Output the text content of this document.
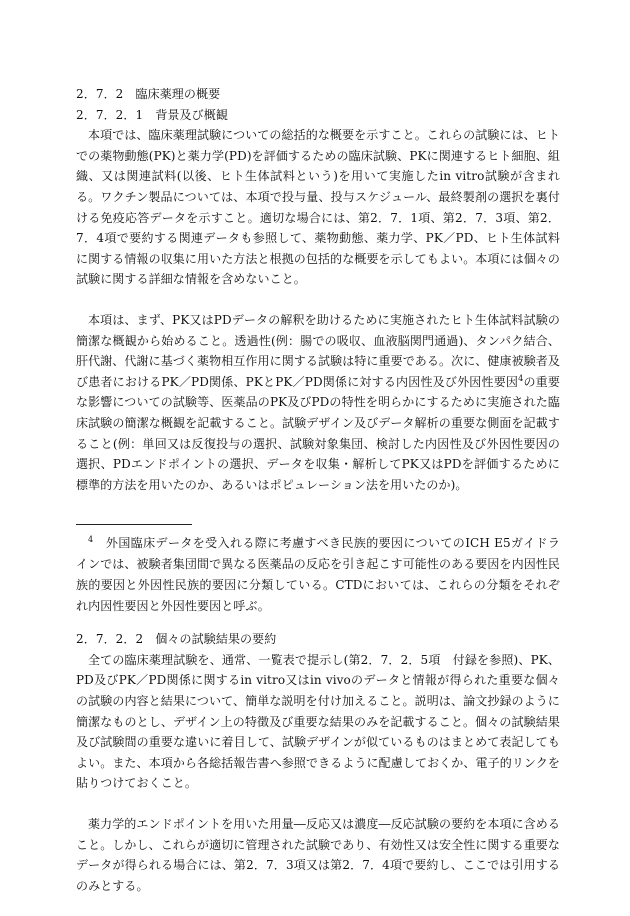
2．7．2　臨床薬理の概要

2．7．2．1　背景及び概観

本項では、臨床薬理試験についての総括的な概要を示すこと。これらの試験には、ヒトでの薬物動態(PK)と薬力学(PD)を評価するための臨床試験、PKに関連するヒト細胞、組織、又は関連試料(以後、ヒト生体試料という)を用いて実施したin vitro試験が含まれる。ワクチン製品については、本項で投与量、投与スケジュール、最終製剤の選択を裏付ける免疫応答データを示すこと。適切な場合には、第2．7．1項、第2．7．3項、第2．7．4項で要約する関連データも参照して、薬物動態、薬力学、PK／PD、ヒト生体試料に関する情報の収集に用いた方法と根拠の包括的な概要を示してもよい。本項には個々の試験に関する詳細な情報を含めないこと。

本項は、まず、PK又はPDデータの解釈を助けるために実施されたヒト生体試料試験の簡潔な概観から始めること。透過性(例：腸での吸収、血液脳関門通過)、タンパク結合、肝代謝、代謝に基づく薬物相互作用に関する試験は特に重要である。次に、健康被験者及び患者におけるPK／PD関係、PKとPK／PD関係に対する内因性及び外因性要因$^4$の重要な影響についての試験等、医薬品のPK及びPDの特性を明らかにするために実施された臨床試験の簡潔な概観を記載すること。試験デザイン及びデータ解析の重要な側面を記載すること(例：単回又は反復投与の選択、試験対象集団、検討した内因性及び外因性要因の選択、PDエンドポイントの選択、データを収集・解析してPK又はPDを評価するために標準的方法を用いたのか、あるいはポピュレーション法を用いたのか)。

$^4$　 外国臨床データを受入れる際に考慮すべき民族的要因についてのICH E5ガイドラインでは、被験者集団間で異なる医薬品の反応を引き起こす可能性のある要因を内因性民族的要因と外因性民族的要因に分類している。CTDにおいては、これらの分類をそれぞれ内因性要因と外因性要因と呼ぶ。

2．7．2．2　個々の試験結果の要約

全ての臨床薬理試験を、通常、一覧表で提示し(第2．7．2．5項　付録を参照)、PK、PD及びPK／PD関係に関するin vitro又はin vivoのデータと情報が得られた重要な個々の試験の内容と結果について、簡単な説明を付け加えること。説明は、論文抄録のように簡潔なものとし、デザイン上の特徴及び重要な結果のみを記載すること。個々の試験結果及び試験間の重要な違いに着目して、試験デザインが似ているものはまとめて表記してもよい。また、本項から各総括報告書へ参照できるように配慮しておくか、電子的リンクを貼りつけておくこと。

薬力学的エンドポイントを用いた用量―反応又は濃度―反応試験の要約を本項に含めること。しかし、これらが適切に管理された試験であり、有効性又は安全性に関する重要なデータが得られる場合には、第2．7．3項又は第2．7．4項で要約し、ここでは引用するのみとする。
